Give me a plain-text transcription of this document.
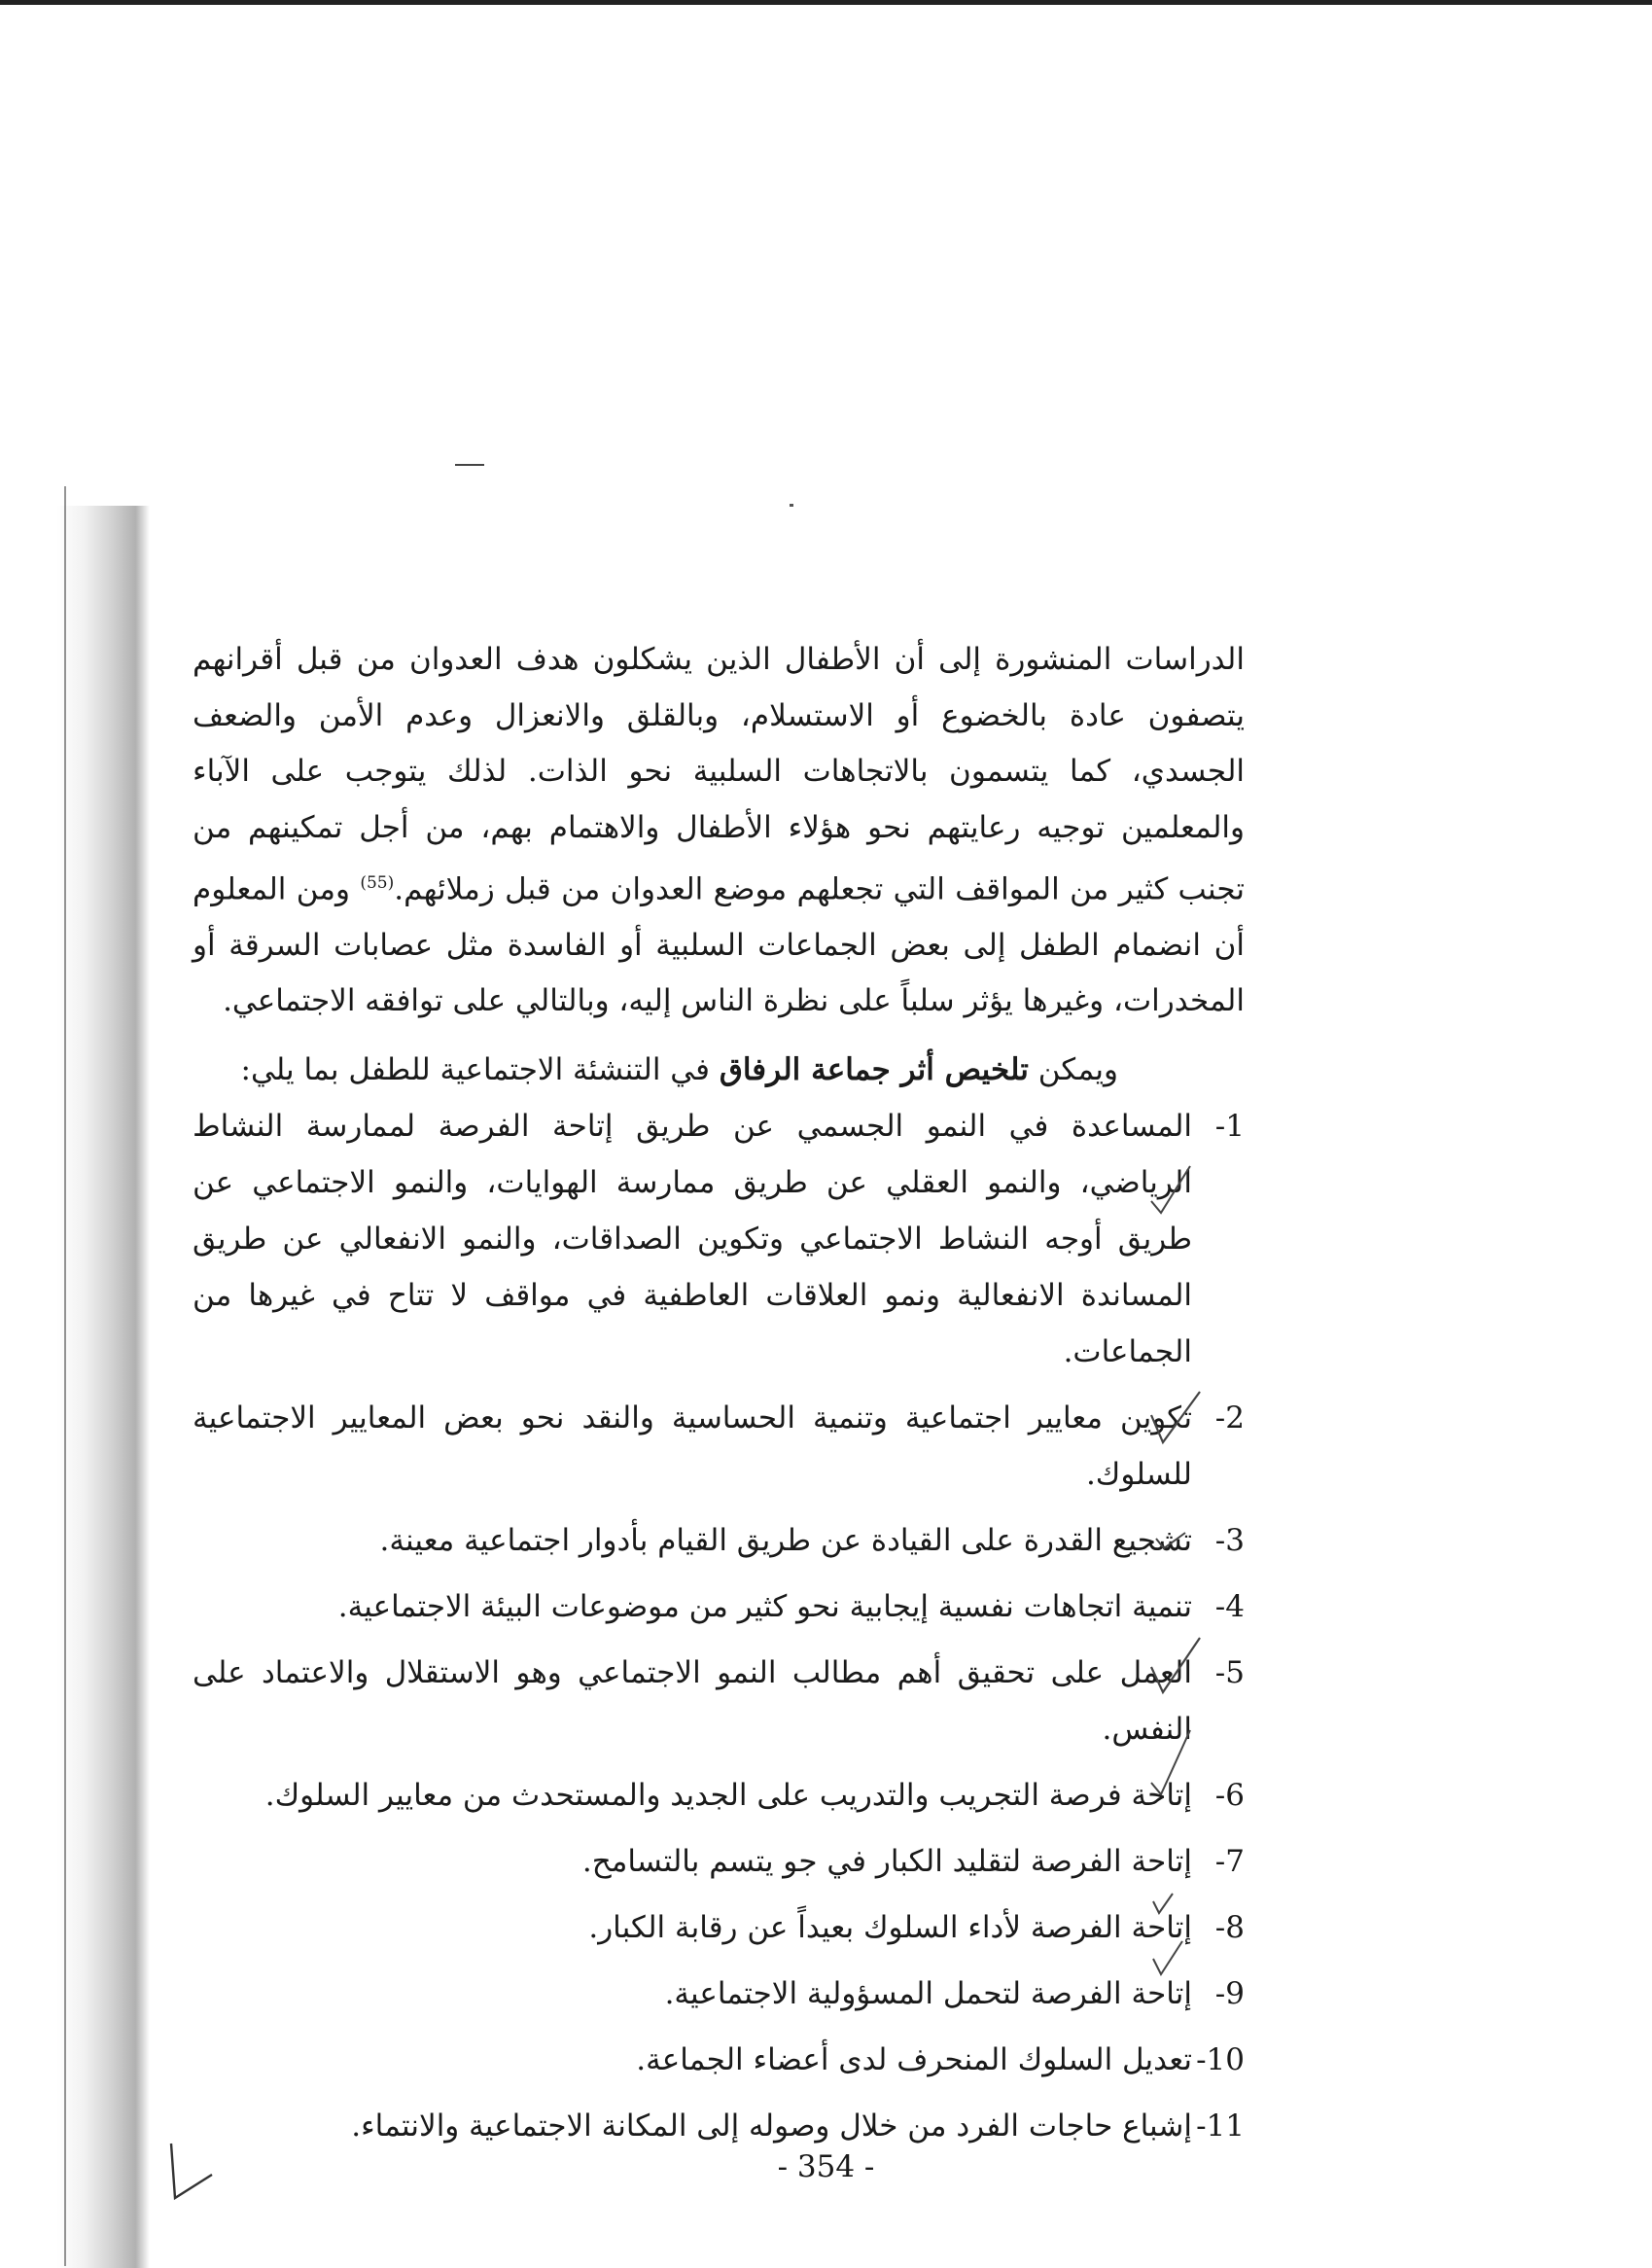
الدراسات المنشورة إلى أن الأطفال الذين يشكلون هدف العدوان من قبل أقرانهم يتصفون عادة بالخضوع أو الاستسلام، وبالقلق والانعزال وعدم الأمن والضعف الجسدي، كما يتسمون بالاتجاهات السلبية نحو الذات. لذلك يتوجب على الآباء والمعلمين توجيه رعايتهم نحو هؤلاء الأطفال والاهتمام بهم، من أجل تمكينهم من تجنب كثير من المواقف التي تجعلهم موضع العدوان من قبل زملائهم.$^{(55)}$ ومن المعلوم أن انضمام الطفل إلى بعض الجماعات السلبية أو الفاسدة مثل عصابات السرقة أو المخدرات، وغيرها يؤثر سلباً على نظرة الناس إليه، وبالتالي على توافقه الاجتماعي.

ويمكن تلخيص أثر جماعة الرفاق في التنشئة الاجتماعية للطفل بما يلي:

1-
المساعدة في النمو الجسمي عن طريق إتاحة الفرصة لممارسة النشاط الرياضي، والنمو العقلي عن طريق ممارسة الهوايات، والنمو الاجتماعي عن طريق أوجه النشاط الاجتماعي وتكوين الصداقات، والنمو الانفعالي عن طريق المساندة الانفعالية ونمو العلاقات العاطفية في مواقف لا تتاح في غيرها من الجماعات.
2-
تكوين معايير اجتماعية وتنمية الحساسية والنقد نحو بعض المعايير الاجتماعية للسلوك.
3-
تشجيع القدرة على القيادة عن طريق القيام بأدوار اجتماعية معينة.
4-
تنمية اتجاهات نفسية إيجابية نحو كثير من موضوعات البيئة الاجتماعية.
5-
العمل على تحقيق أهم مطالب النمو الاجتماعي وهو الاستقلال والاعتماد على النفس.
6-
إتاحة فرصة التجريب والتدريب على الجديد والمستحدث من معايير السلوك.
7-
إتاحة الفرصة لتقليد الكبار في جو يتسم بالتسامح.
8-
إتاحة الفرصة لأداء السلوك بعيداً عن رقابة الكبار.
9-
إتاحة الفرصة لتحمل المسؤولية الاجتماعية.
10-
تعديل السلوك المنحرف لدى أعضاء الجماعة.
11-
إشباع حاجات الفرد من خلال وصوله إلى المكانة الاجتماعية والانتماء.
- 354 -
